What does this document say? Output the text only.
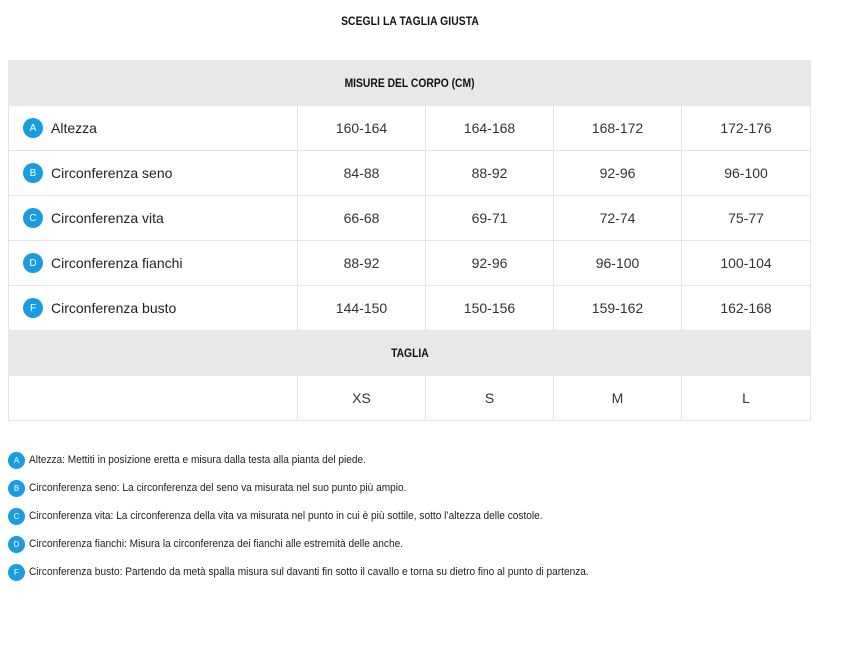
SCEGLI LA TAGLIA GIUSTA
MISURE DEL CORPO (CM)				

A Altezza	160-164	164-168	168-172	172-176

B Circonferenza seno	84-88	88-92	92-96	96-100

C Circonferenza vita	66-68	69-71	72-74	75-77

D Circonferenza fianchi	88-92	92-96	96-100	100-104

F Circonferenza busto	144-150	150-156	159-162	162-168
TAGLIA				
	XS	S	M	L
A Altezza: Mettiti in posizione eretta e misura dalla testa alla pianta del piede.
B Circonferenza seno: La circonferenza del seno va misurata nel suo punto più ampio.
C Circonferenza vita: La circonferenza della vita va misurata nel punto in cui è più sottile, sotto l’altezza delle costole.
D Circonferenza fianchi: Misura la circonferenza dei fianchi alle estremità delle anche.
F Circonferenza busto: Partendo da metà spalla misura sul davanti fin sotto il cavallo e torna su dietro fino al punto di partenza.
